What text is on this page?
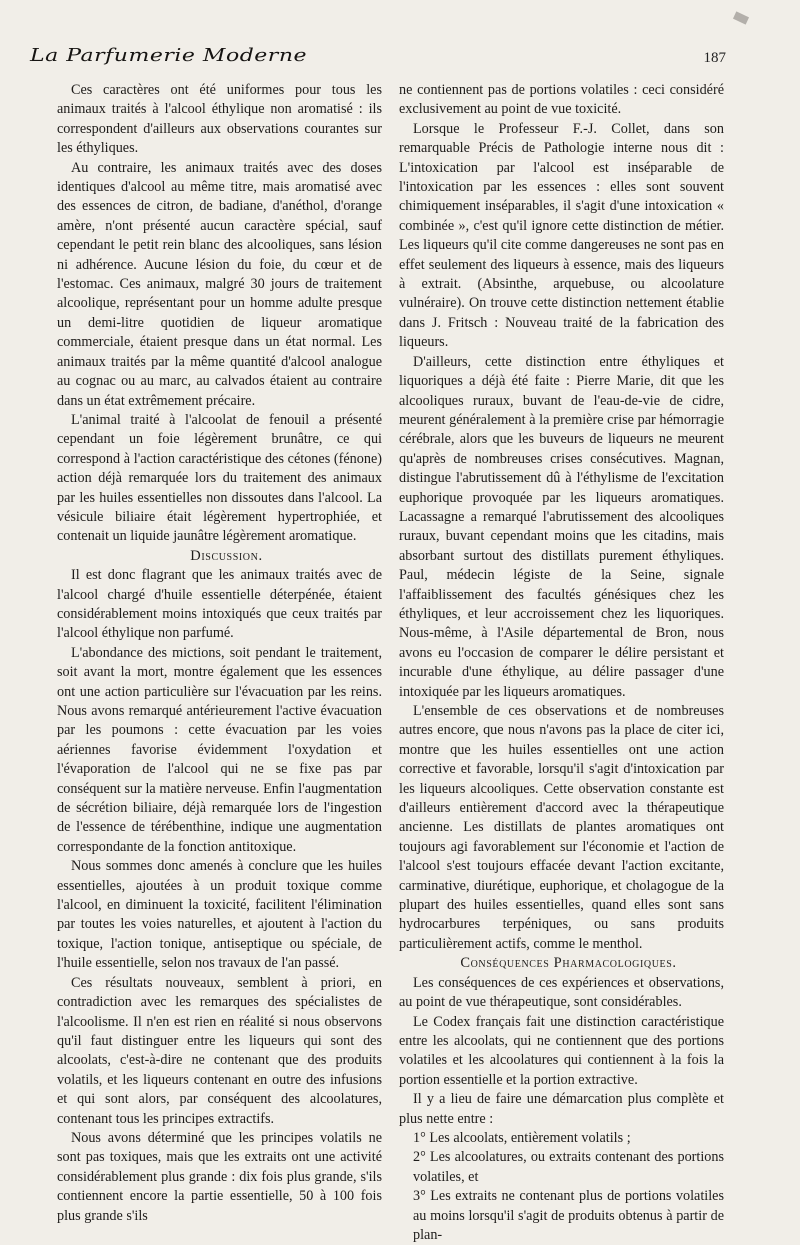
La Parfumerie Moderne	187

Ces caractères ont été uniformes pour tous les animaux traités à l'alcool éthylique non aromatisé : ils correspondent d'ailleurs aux observations courantes sur les éthyliques.

Au contraire, les animaux traités avec des doses identiques d'alcool au même titre, mais aromatisé avec des essences de citron, de badiane, d'anéthol, d'orange amère, n'ont présenté aucun caractère spécial, sauf cependant le petit rein blanc des alcooliques, sans lésion ni adhérence. Aucune lésion du foie, du cœur et de l'estomac. Ces animaux, malgré 30 jours de traitement alcoolique, représentant pour un homme adulte presque un demi-litre quotidien de liqueur aromatique commerciale, étaient presque dans un état normal. Les animaux traités par la même quantité d'alcool analogue au cognac ou au marc, au calvados étaient au contraire dans un état extrêmement précaire.

L'animal traité à l'alcoolat de fenouil a présenté cependant un foie légèrement brunâtre, ce qui correspond à l'action caractéristique des cétones (fénone) action déjà remarquée lors du traitement des animaux par les huiles essentielles non dissoutes dans l'alcool. La vésicule biliaire était légèrement hypertrophiée, et contenait un liquide jaunâtre légèrement aromatique.

Discussion.

Il est donc flagrant que les animaux traités avec de l'alcool chargé d'huile essentielle déterpénée, étaient considérablement moins intoxiqués que ceux traités par l'alcool éthylique non parfumé.

L'abondance des mictions, soit pendant le traitement, soit avant la mort, montre également que les essences ont une action particulière sur l'évacuation par les reins. Nous avons remarqué antérieurement l'active évacuation par les poumons : cette évacuation par les voies aériennes favorise évidemment l'oxydation et l'évaporation de l'alcool qui ne se fixe pas par conséquent sur la matière nerveuse. Enfin l'augmentation de sécrétion biliaire, déjà remarquée lors de l'ingestion de l'essence de térébenthine, indique une augmentation correspondante de la fonction antitoxique.

Nous sommes donc amenés à conclure que les huiles essentielles, ajoutées à un produit toxique comme l'alcool, en diminuent la toxicité, facilitent l'élimination par toutes les voies naturelles, et ajoutent à l'action du toxique, l'action tonique, antiseptique ou spéciale, de l'huile essentielle, selon nos travaux de l'an passé.

Ces résultats nouveaux, semblent à priori, en contradiction avec les remarques des spécialistes de l'alcoolisme. Il n'en est rien en réalité si nous observons qu'il faut distinguer entre les liqueurs qui sont des alcoolats, c'est-à-dire ne contenant que des produits volatils, et les liqueurs contenant en outre des infusions et qui sont alors, par conséquent des alcoolatures, contenant tous les principes extractifs.

Nous avons déterminé que les principes volatils ne sont pas toxiques, mais que les extraits ont une activité considérablement plus grande : dix fois plus grande, s'ils contiennent encore la partie essentielle, 50 à 100 fois plus grande s'ils

ne contiennent pas de portions volatiles : ceci considéré exclusivement au point de vue toxicité.

Lorsque le Professeur F.-J. Collet, dans son remarquable Précis de Pathologie interne nous dit : L'intoxication par l'alcool est inséparable de l'intoxication par les essences : elles sont souvent chimiquement inséparables, il s'agit d'une intoxication « combinée », c'est qu'il ignore cette distinction de métier. Les liqueurs qu'il cite comme dangereuses ne sont pas en effet seulement des liqueurs à essence, mais des liqueurs à extrait. (Absinthe, arquebuse, ou alcoolature vulnéraire). On trouve cette distinction nettement établie dans J. Fritsch : Nouveau traité de la fabrication des liqueurs.

D'ailleurs, cette distinction entre éthyliques et liquoriques a déjà été faite : Pierre Marie, dit que les alcooliques ruraux, buvant de l'eau-de-vie de cidre, meurent généralement à la première crise par hémorragie cérébrale, alors que les buveurs de liqueurs ne meurent qu'après de nombreuses crises consécutives. Magnan, distingue l'abrutissement dû à l'éthylisme de l'excitation euphorique provoquée par les liqueurs aromatiques. Lacassagne a remarqué l'abrutissement des alcooliques ruraux, buvant cependant moins que les citadins, mais absorbant surtout des distillats purement éthyliques. Paul, médecin légiste de la Seine, signale l'affaiblissement des facultés génésiques chez les éthyliques, et leur accroissement chez les liquoriques. Nous-même, à l'Asile départemental de Bron, nous avons eu l'occasion de comparer le délire persistant et incurable d'une éthylique, au délire passager d'une intoxiquée par les liqueurs aromatiques.

L'ensemble de ces observations et de nombreuses autres encore, que nous n'avons pas la place de citer ici, montre que les huiles essentielles ont une action corrective et favorable, lorsqu'il s'agit d'intoxication par les liqueurs alcooliques. Cette observation constante est d'ailleurs entièrement d'accord avec la thérapeutique ancienne. Les distillats de plantes aromatiques ont toujours agi favorablement sur l'économie et l'action de l'alcool s'est toujours effacée devant l'action excitante, carminative, diurétique, euphorique, et cholagogue de la plupart des huiles essentielles, quand elles sont sans hydrocarbures terpéniques, ou sans produits particulièrement actifs, comme le menthol.

Conséquences Pharmacologiques.

Les conséquences de ces expériences et observations, au point de vue thérapeutique, sont considérables.

Le Codex français fait une distinction caractéristique entre les alcoolats, qui ne contiennent que des portions volatiles et les alcoolatures qui contiennent à la fois la portion essentielle et la portion extractive.

Il y a lieu de faire une démarcation plus complète et plus nette entre :

1° Les alcoolats, entièrement volatils ;

2° Les alcoolatures, ou extraits contenant des portions volatiles, et

3° Les extraits ne contenant plus de portions volatiles au moins lorsqu'il s'agit de produits obtenus à partir de plan-
